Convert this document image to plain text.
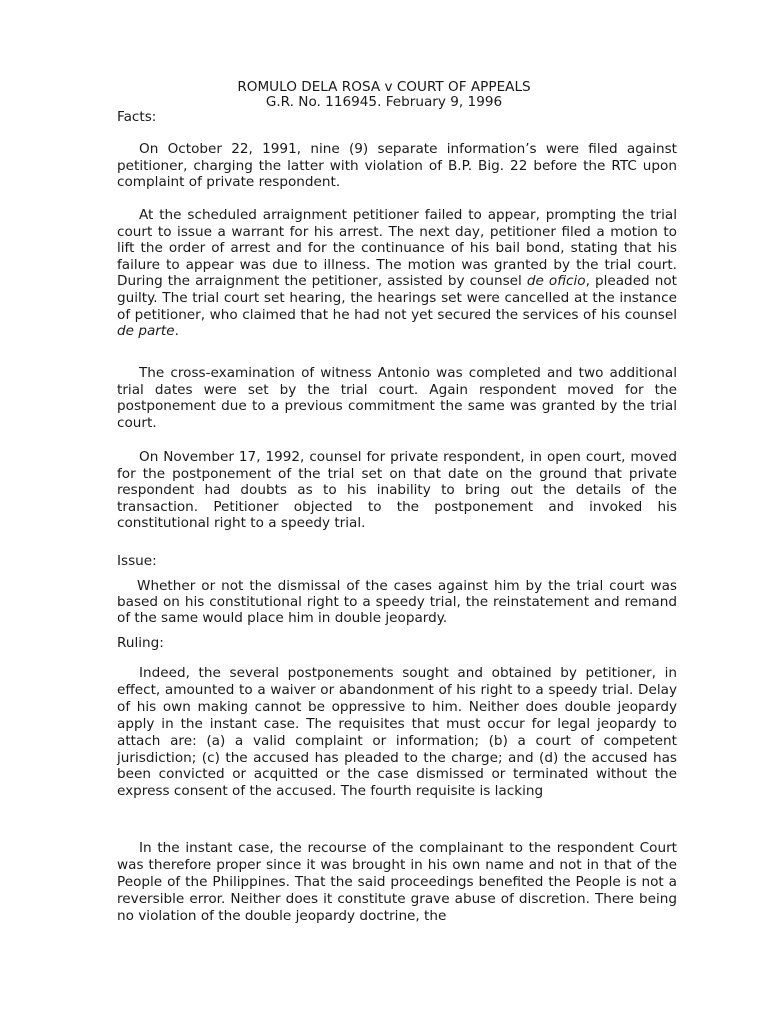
ROMULO DELA ROSA v COURT OF APPEALS
G.R. No. 116945. February 9, 1996
Facts:
On October 22, 1991, nine (9) separate information’s were filed against petitioner, charging the latter with violation of B.P. Big. 22 before the RTC upon complaint of private respondent.
At the scheduled arraignment petitioner failed to appear, prompting the trial court to issue a warrant for his arrest. The next day, petitioner filed a motion to lift the order of arrest and for the continuance of his bail bond, stating that his failure to appear was due to illness. The motion was granted by the trial court. During the arraignment the petitioner, assisted by counsel de oficio, pleaded not guilty. The trial court set hearing, the hearings set were cancelled at the instance of petitioner, who claimed that he had not yet secured the services of his counsel de parte.
The cross-examination of witness Antonio was completed and two additional trial dates were set by the trial court. Again respondent moved for the postponement due to a previous commitment the same was granted by the trial court.
On November 17, 1992, counsel for private respondent, in open court, moved for the postponement of the trial set on that date on the ground that private respondent had doubts as to his inability to bring out the details of the transaction. Petitioner objected to the postponement and invoked his constitutional right to a speedy trial.
Issue:
Whether or not the dismissal of the cases against him by the trial court was based on his constitutional right to a speedy trial, the reinstatement and remand of the same would place him in double jeopardy.
Ruling:
Indeed, the several postponements sought and obtained by petitioner, in effect, amounted to a waiver or abandonment of his right to a speedy trial. Delay of his own making cannot be oppressive to him. Neither does double jeopardy apply in the instant case. The requisites that must occur for legal jeopardy to attach are: (a) a valid complaint or information; (b) a court of competent jurisdiction; (c) the accused has pleaded to the charge; and (d) the accused has been convicted or acquitted or the case dismissed or terminated without the express consent of the accused. The fourth requisite is lacking
In the instant case, the recourse of the complainant to the respondent Court was therefore proper since it was brought in his own name and not in that of the People of the Philippines. That the said proceedings benefited the People is not a reversible error. Neither does it constitute grave abuse of discretion. There being no violation of the double jeopardy doctrine, the
